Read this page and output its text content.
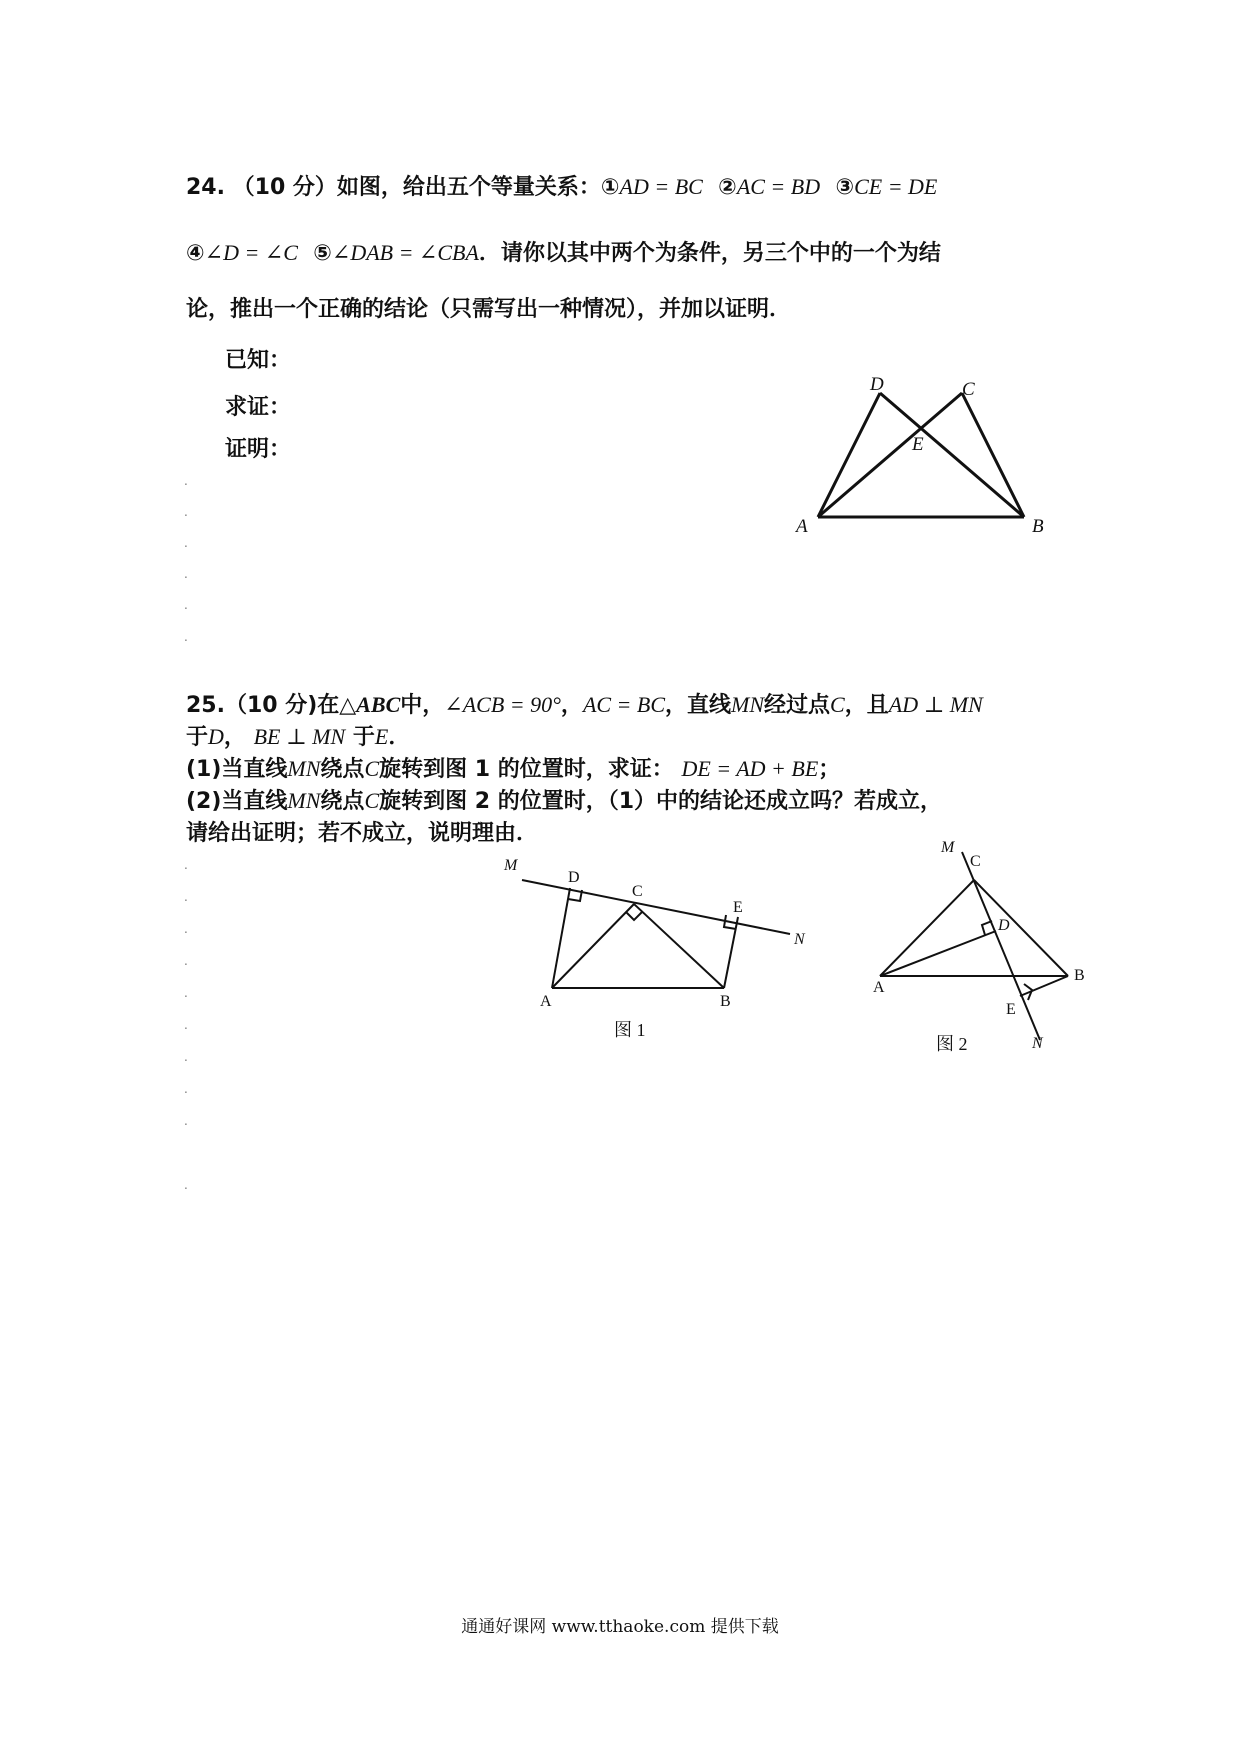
24. （10 分）如图，给出五个等量关系：①AD = BC ②AC = BD ③CE = DE
④∠D = ∠C ⑤∠DAB = ∠CBA．请你以其中两个为条件，另三个中的一个为结
论，推出一个正确的结论（只需写出一种情况），并加以证明．
已知：
求证：
证明：
D	C
E
A	B
.
.
.
.
.
.
.
.
.
.
.
.
.
.
.
.
25.（10 分)在△ABC中，∠ACB = 90°，AC = BC，直线MN经过点C，且AD ⊥ MN
于D， BE ⊥ MN 于E．
(1)当直线MN绕点C旋转到图 1 的位置时，求证： DE = AD + BE；
(2)当直线MN绕点C旋转到图 2 的位置时，（1）中的结论还成立吗？若成立，
请给出证明；若不成立，说明理由．
M
D
C
E
N
A	B
图 1
M
C
D
A
B
E
N
图 2
通通好课网 www.tthaoke.com 提供下载
